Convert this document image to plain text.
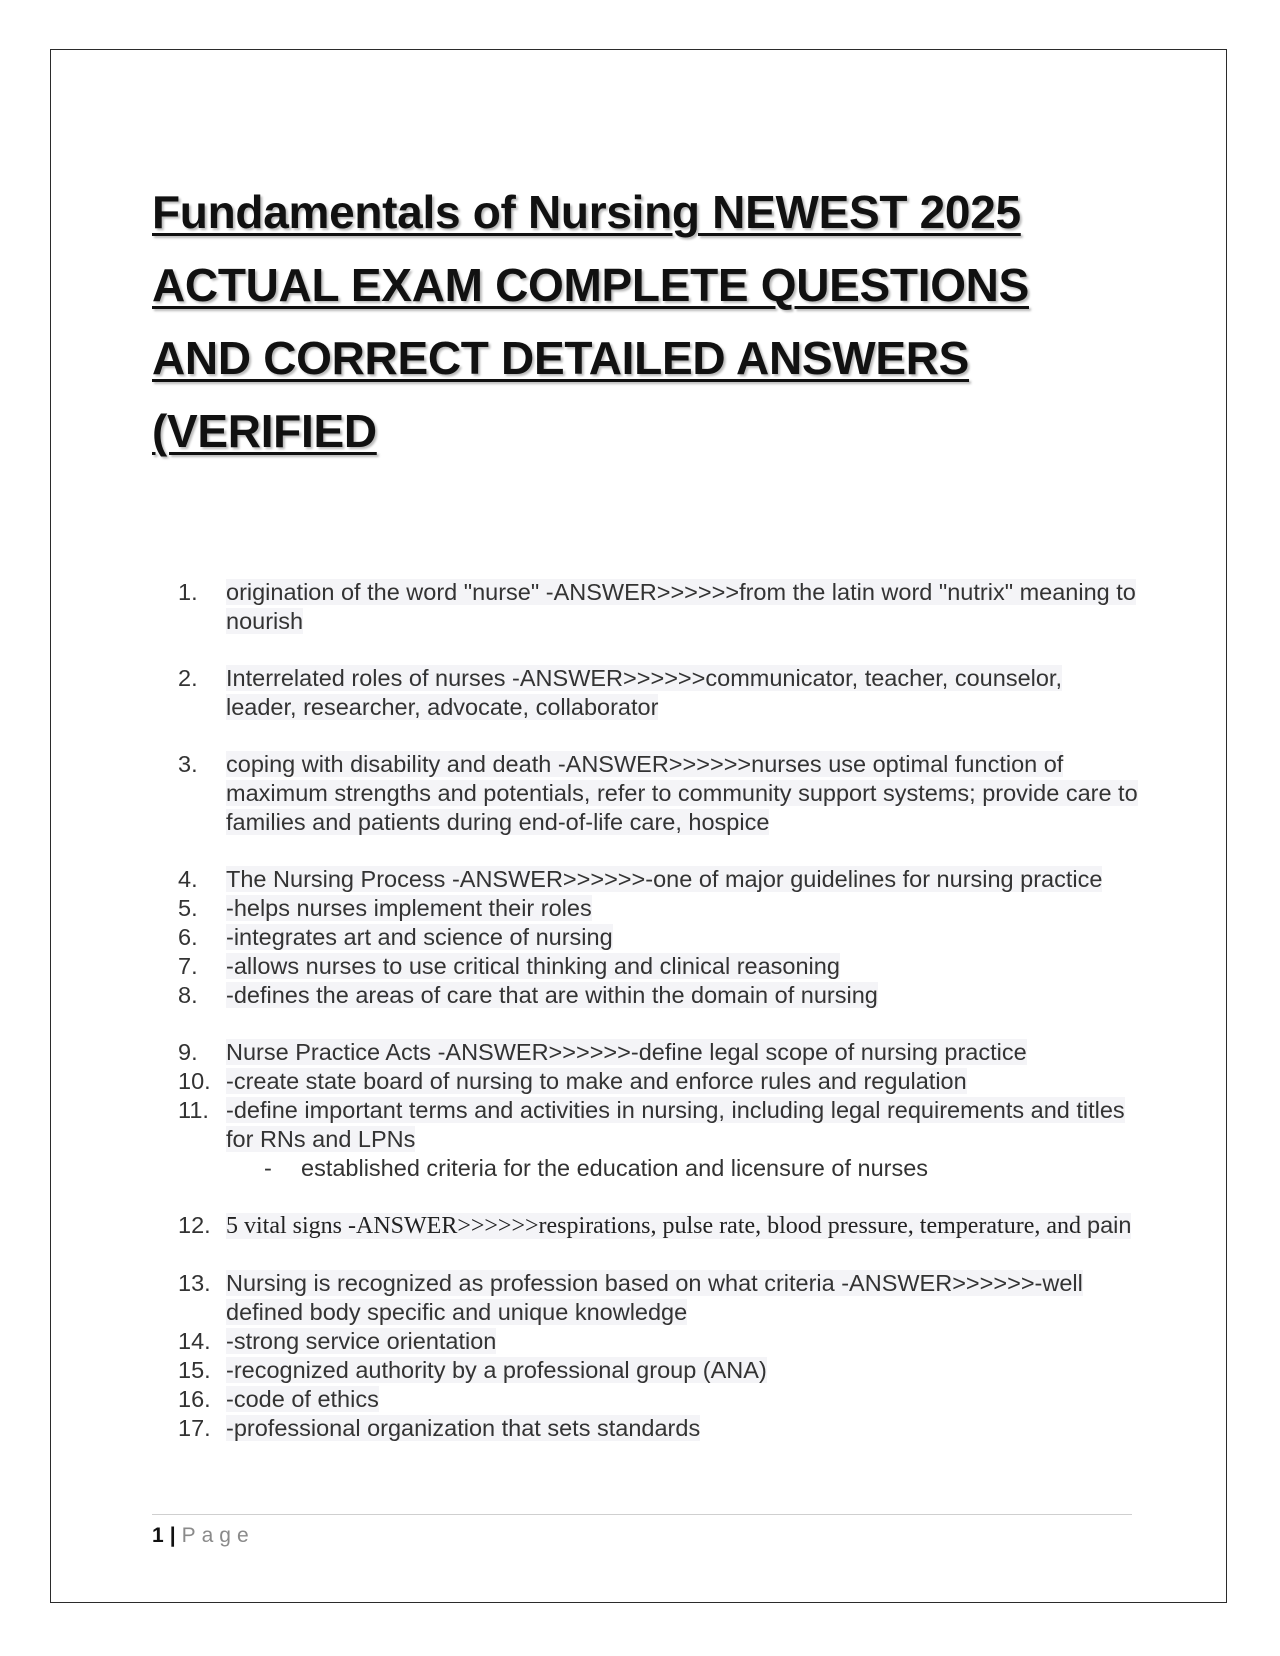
Fundamentals of Nursing NEWEST 2025 ACTUAL EXAM COMPLETE QUESTIONS AND CORRECT DETAILED ANSWERS (VERIFIED
1.	origination of the word "nurse" -ANSWER>>>>>>from the latin word "nutrix" meaning to nourish
2.	Interrelated roles of nurses -ANSWER>>>>>>communicator, teacher, counselor, leader, researcher, advocate, collaborator
3.	coping with disability and death -ANSWER>>>>>>nurses use optimal function of maximum strengths and potentials, refer to community support systems; provide care to families and patients during end-of-life care, hospice
4.	The Nursing Process -ANSWER>>>>>>-one of major guidelines for nursing practice
5.	-helps nurses implement their roles
6.	-integrates art and science of nursing
7.	-allows nurses to use critical thinking and clinical reasoning
8.	-defines the areas of care that are within the domain of nursing
9.	Nurse Practice Acts -ANSWER>>>>>>-define legal scope of nursing practice
10. -create state board of nursing to make and enforce rules and regulation
11. -define important terms and activities in nursing, including legal requirements and titles for RNs and LPNs
- established criteria for the education and licensure of nurses
12. 5 vital signs -ANSWER>>>>>>respirations, pulse rate, blood pressure, temperature, and pain
13. Nursing is recognized as profession based on what criteria -ANSWER>>>>>>-well defined body specific and unique knowledge
14. -strong service orientation
15. -recognized authority by a professional group (ANA)
16. -code of ethics
17. -professional organization that sets standards
1 | Page
